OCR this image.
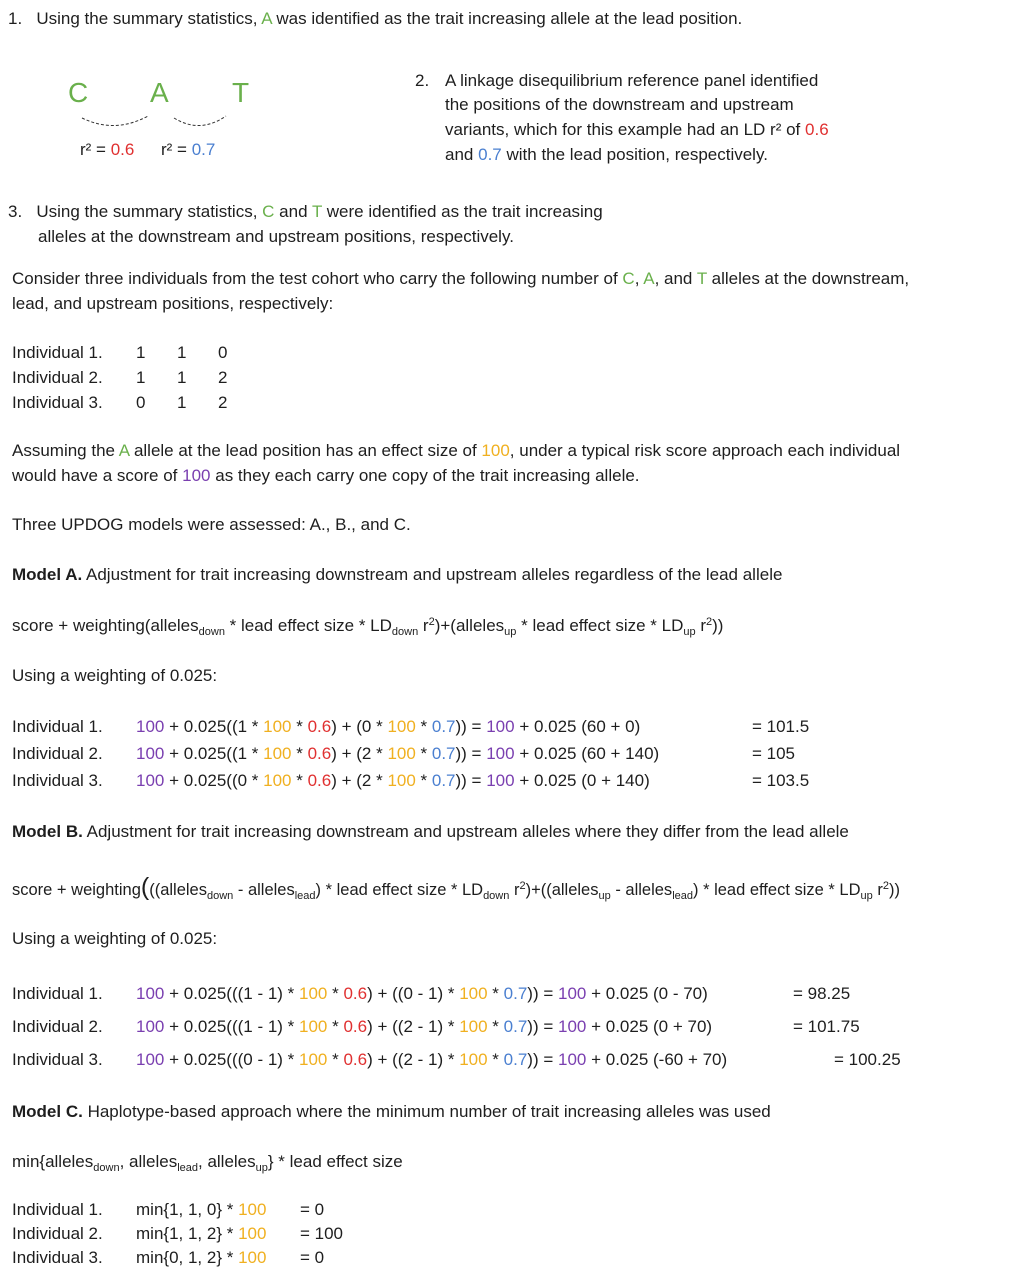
1. Using the summary statistics, A was identified as the trait increasing allele at the lead position.
C A T
r² = 0.6 r² = 0.7
2. A linkage disequilibrium reference panel identified
the positions of the downstream and upstream
variants, which for this example had an LD r² of 0.6
and 0.7 with the lead position, respectively.
3. Using the summary statistics, C and T were identified as the trait increasing
alleles at the downstream and upstream positions, respectively.
Consider three individuals from the test cohort who carry the following number of C, A, and T alleles at the downstream,
lead, and upstream positions, respectively:
Individual 1.	1	1	0
Individual 2.	1	1	2
Individual 3.	0	1	2
Assuming the A allele at the lead position has an effect size of 100, under a typical risk score approach each individual
would have a score of 100 as they each carry one copy of the trait increasing allele.
Three UPDOG models were assessed: A., B., and C.
Model A. Adjustment for trait increasing downstream and upstream alleles regardless of the lead allele
score + weighting(alleles$_{down}$ * lead effect size * $LD_{down}$ $r^2)+(alleles_{up}$ * lead effect size * $LD_{up}$ $r^2$))
Using a weighting of 0.025:
Individual 1. 100 + 0.025((1 * 100 * 0.6) + (0 * 100 * 0.7)) = 100 + 0.025 (60 + 0)	= 101.5
Individual 2. 100 + 0.025((1 * 100 * 0.6) + (2 * 100 * 0.7)) = 100 + 0.025 (60 + 140)	= 105
Individual 3. 100 + 0.025((0 * 100 * 0.6) + (2 * 100 * 0.7)) = 100 + 0.025 (0 + 140)	= 103.5
Model B. Adjustment for trait increasing downstream and upstream alleles where they differ from the lead allele
score + weighting(((alleles$_{down}$ - alleles$_{lead}$) * lead effect size * $LD_{down}$ $r^2)+((alleles_{up}$ - alleles$_{lead}$) * lead effect size * $LD_{up}$ $r^2$))
Using a weighting of 0.025:
Individual 1. 100 + 0.025(((1 - 1) * 100 * 0.6) + ((0 - 1) * 100 * 0.7)) = 100 + 0.025 (0 - 70)	= 98.25
Individual 2. 100 + 0.025(((1 - 1) * 100 * 0.6) + ((2 - 1) * 100 * 0.7)) = 100 + 0.025 (0 + 70)	= 101.75
Individual 3. 100 + 0.025(((0 - 1) * 100 * 0.6) + ((2 - 1) * 100 * 0.7)) = 100 + 0.025 (-60 + 70)	= 100.25
Model C. Haplotype-based approach where the minimum number of trait increasing alleles was used
min{alleles$_{down}$, alleles$_{lead}$, alleles$_{up}$} * lead effect size
Individual 1. min{1, 1, 0} * 100 = 0
Individual 2. min{1, 1, 2} * 100 = 100
Individual 3. min{0, 1, 2} * 100 = 0
